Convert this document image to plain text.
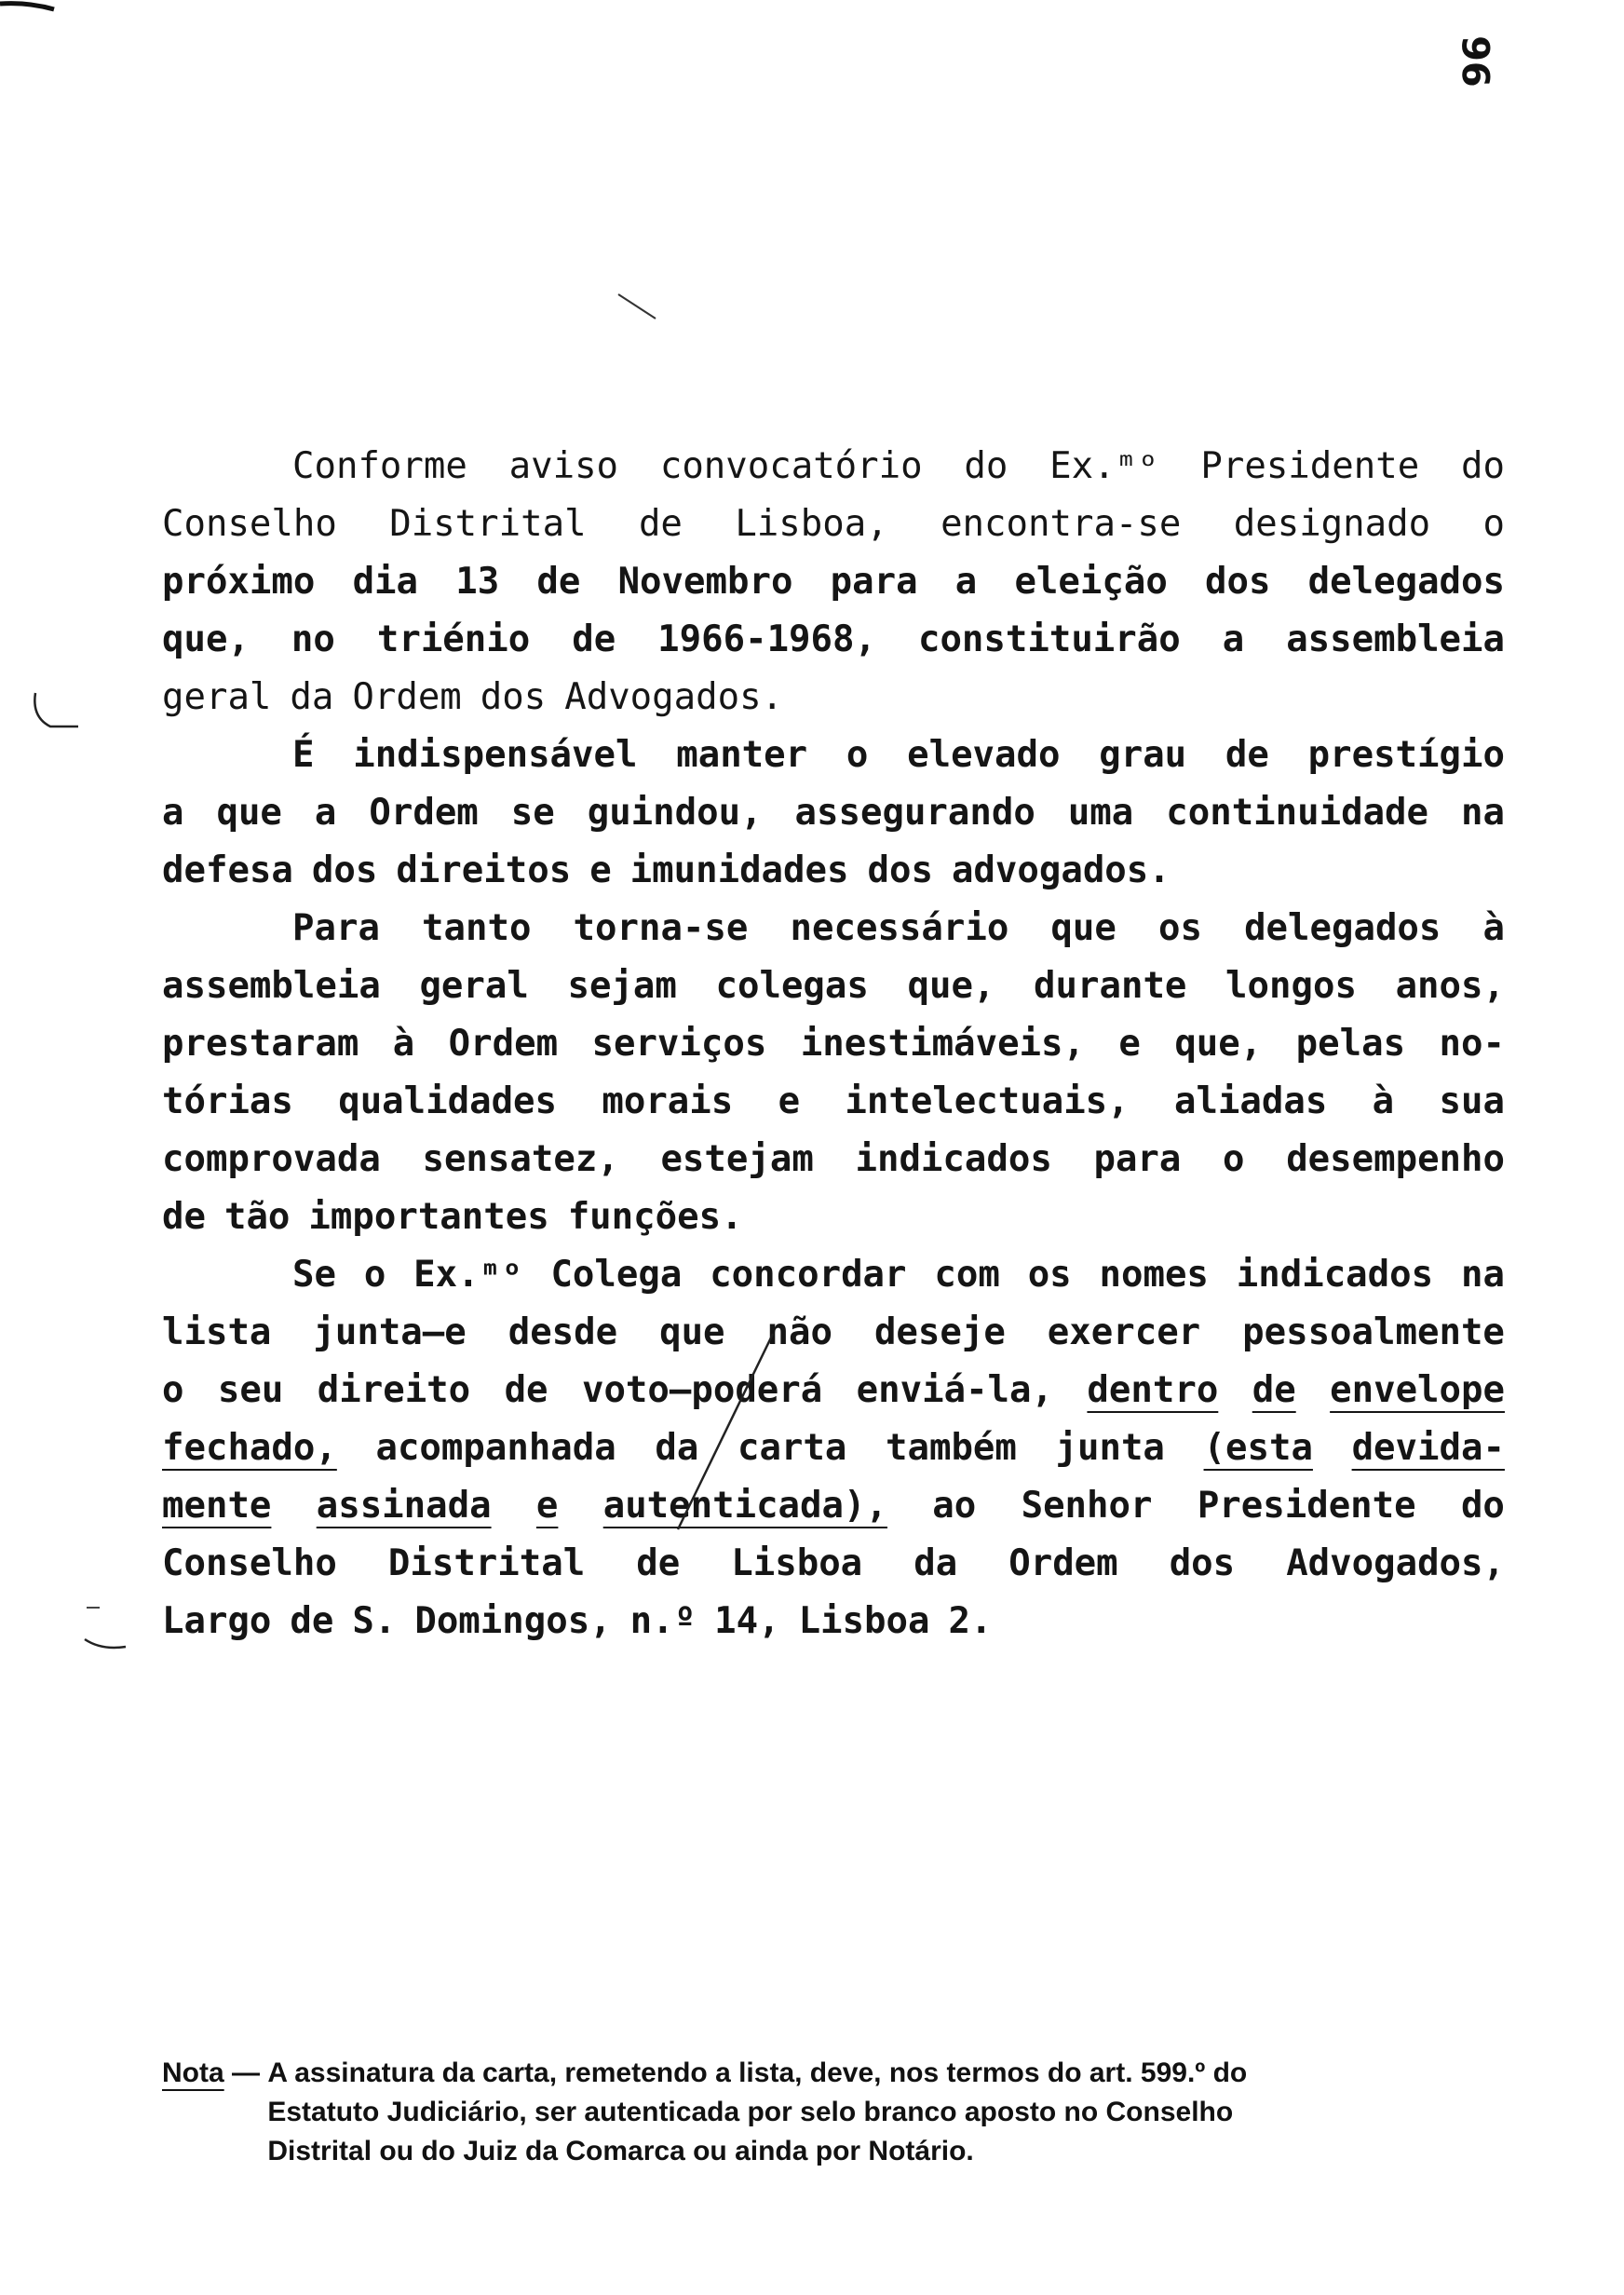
96
Conforme aviso convocatório do Ex.ᵐᵒ Presidente do
Conselho Distrital de Lisboa, encontra-se designado o
próximo dia 13 de Novembro para a eleição dos delegados
que, no triénio de 1966-1968, constituirão a assembleia
geral da Ordem dos Advogados.
É indispensável manter o elevado grau de prestígio
a que a Ordem se guindou, assegurando uma continuidade na
defesa dos direitos e imunidades dos advogados.
Para tanto torna-se necessário que os delegados à
assembleia geral sejam colegas que, durante longos anos,
prestaram à Ordem serviços inestimáveis, e que, pelas no-
tórias qualidades morais e intelectuais, aliadas à sua
comprovada sensatez, estejam indicados para o desempenho
de tão importantes funções.
Se o Ex.ᵐᵒ Colega concordar com os nomes indicados na
lista junta—e desde que não deseje exercer pessoalmente
o seu direito de voto—poderá enviá-la, dentro de envelope
fechado, acompanhada da carta também junta (esta devida-
mente assinada e autenticada), ao Senhor Presidente do
Conselho Distrital de Lisboa da Ordem dos Advogados,
Largo de S. Domingos, n.º 14, Lisboa 2.
Nota — A assinatura da carta, remetendo a lista, deve, nos termos do art. 599.º do
Estatuto Judiciário, ser autenticada por selo branco aposto no Conselho
Distrital ou do Juiz da Comarca ou ainda por Notário.
